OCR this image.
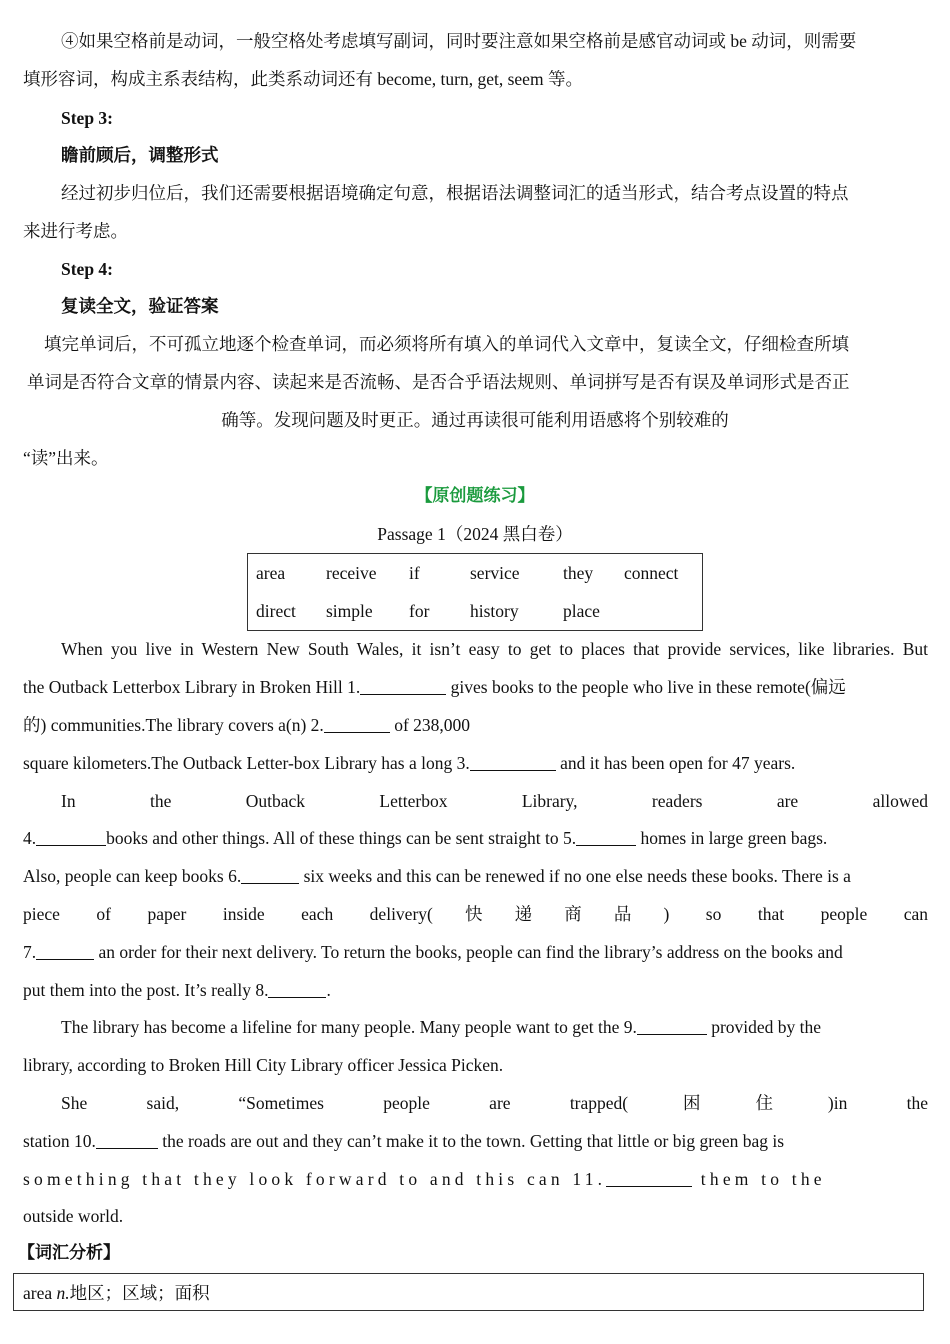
④如果空格前是动词，一般空格处考虑填写副词，同时要注意如果空格前是感官动词或 be 动词，则需要
填形容词，构成主系表结构，此类系动词还有 become, turn, get, seem 等。
Step 3:
瞻前顾后，调整形式
经过初步归位后，我们还需要根据语境确定句意，根据语法调整词汇的适当形式，结合考点设置的特点
来进行考虑。
Step 4:
复读全文，验证答案
填完单词后，不可孤立地逐个检查单词，而必须将所有填入的单词代入文章中，复读全文，仔细检查所填
单词是否符合文章的情景内容、读起来是否流畅、是否合乎语法规则、单词拼写是否有误及单词形式是否正
确等。发现问题及时更正。通过再读很可能利用语感将个别较难的
“读”出来。
【原创题练习】
Passage 1（2024 黑白卷）
area	receive	if	service	they	connect
direct	simple	for	history	place	
When you live in Western New South Wales, it isn’t easy to get to places that provide services, like libraries. But
the Outback Letterbox Library in Broken Hill 1.	gives books to the people who live in these remote(偏远
的) communities.The library covers a(n) 2.	of 238,000
square kilometers.The Outback Letter-box Library has a long 3.	and it has been open for 47 years.
In the Outback Letterbox Library, readers are allowed
4.	books and other things. All of these things can be sent straight to 5.	homes in large green bags.
Also, people can keep books 6.	six weeks and this can be renewed if no one else needs these books. There is a
piece of paper inside each delivery(快递商品) so that people can
7.	an order for their next delivery. To return the books, people can find the library’s address on the books and
put them into the post. It’s really 8.	.
The library has become a lifeline for many people. Many people want to get the 9.	provided by the
library, according to Broken Hill City Library officer Jessica Picken.
She said, “Sometimes people are trapped(困住)in the
station 10.	the roads are out and they can’t make it to the town. Getting that little or big green bag is
something that they look forward to and this can 11.	them to the
outside world.
【词汇分析】
area n.地区；区域；面积
